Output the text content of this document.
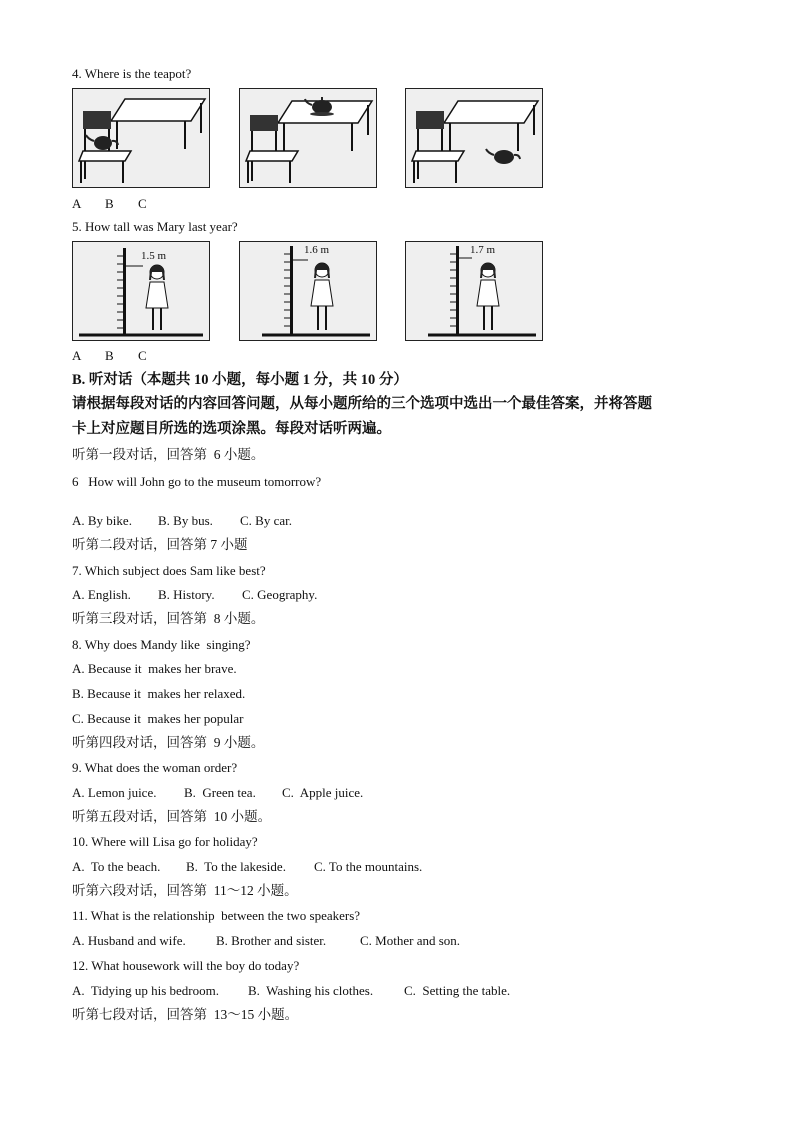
4. Where is the teapot?
A B C
5. How tall was Mary last year?
1.5 m	1.6 m	1.7 m
A B C
B. 听对话（本题共 10 小题，每小题 1 分，共 10 分）
请根据每段对话的内容回答问题，从每小题所给的三个选项中选出一个最佳答案，并将答题
卡上对应题目所选的选项涂黑。每段对话听两遍。
听第一段对话，回答第  6 小题。
6   How will John go to the museum tomorrow?
A. By bike. B. By bus. C. By car.
听第二段对话，回答第 7 小题
7. Which subject does Sam like best?
A. English. B. History. C. Geography.
听第三段对话，回答第  8 小题。
8. Why does Mandy like  singing?
A. Because it  makes her brave.
B. Because it  makes her relaxed.
C. Because it  makes her popular
听第四段对话，回答第  9 小题。
9. What does the woman order?
A. Lemon juice. B.  Green tea. C.  Apple juice.
听第五段对话，回答第  10 小题。
10. Where will Lisa go for holiday?
A.  To the beach. B.  To the lakeside. C. To the mountains.
听第六段对话，回答第  11～12 小题。
11. What is the relationship  between the two speakers?
A. Husband and wife. B. Brother and sister.	C. Mother and son.
12. What housework will the boy do today?
A.  Tidying up his bedroom. B.  Washing his clothes. C.  Setting the table.
听第七段对话，回答第  13～15 小题。
